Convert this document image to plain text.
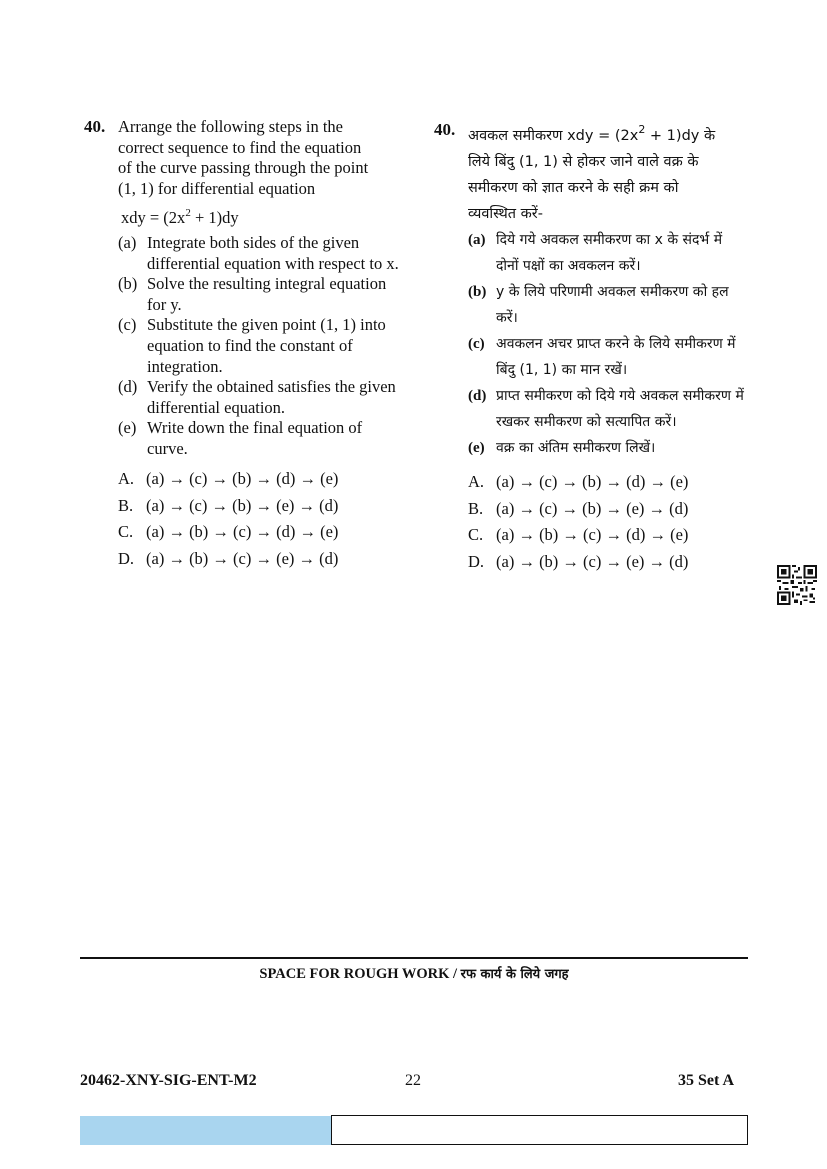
40. Arrange the following steps in the
correct sequence to find the equation
of the curve passing through the point
(1, 1) for differential equation
xdy = $(2x^2 + 1)dy$
(a) Integrate both sides of the given differential equation with respect to x.
(b) Solve the resulting integral equation for y.
(c) Substitute the given point (1, 1) into equation to find the constant of integration.
(d) Verify the obtained satisfies the given differential equation.
(e) Write down the final equation of curve.
A. (a) → (c) → (b) → (d) → (e)
B. (a) → (c) → (b) → (e) → (d)
C. (a) → (b) → (c) → (d) → (e)
D. (a) → (b) → (c) → (e) → (d)
40. अवकल समीकरण xdy = $(2x^2 + 1)dy$ के
लिये बिंदु (1, 1) से होकर जाने वाले वक्र के
समीकरण को ज्ञात करने के सही क्रम को
व्यवस्थित करें-
(a) दिये गये अवकल समीकरण का x के संदर्भ में दोनों पक्षों का अवकलन करें।
(b) y के लिये परिणामी अवकल समीकरण को हल करें।
(c) अवकलन अचर प्राप्त करने के लिये समीकरण में बिंदु (1, 1) का मान रखें।
(d) प्राप्त समीकरण को दिये गये अवकल समीकरण में रखकर समीकरण को सत्यापित करें।
(e) वक्र का अंतिम समीकरण लिखें।
A. (a) → (c) → (b) → (d) → (e)
B. (a) → (c) → (b) → (e) → (d)
C. (a) → (b) → (c) → (d) → (e)
D. (a) → (b) → (c) → (e) → (d)
SPACE FOR ROUGH WORK / रफ कार्य के लिये जगह
20462-XNY-SIG-ENT-M2	22	35 Set A
